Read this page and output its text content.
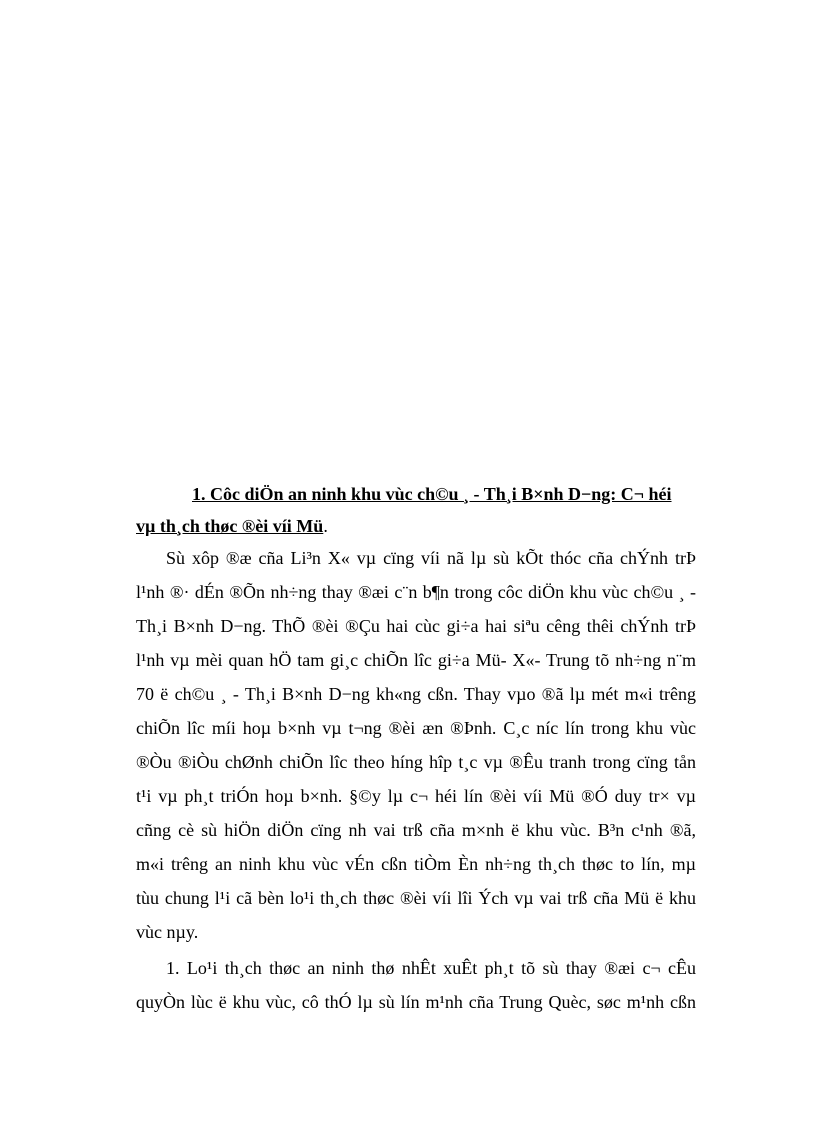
1. Côc diÖn an ninh khu vùc ch©u ¸ - Th¸i B×nh D−ng: C¬ héi
vµ th¸ch thøc ®èi víi Mü.
Sù xôp ®æ cña Li³n X« vµ cïng víi nã lµ sù kÕt thóc cña chÝnh trÞ
l¹nh ®· dÉn ®Õn nh÷ng thay ®æi c¨n b¶n trong côc diÖn khu vùc ch©u ¸ -
Th¸i B×nh D−ng. ThÕ ®èi ®Çu hai cùc gi÷a hai siªu cêng thêi chÝnh trÞ
l¹nh vµ mèi quan hÖ tam gi¸c chiÕn lîc gi÷a Mü- X«- Trung tõ nh÷ng n¨m
70 ë ch©u ¸ - Th¸i B×nh D−ng kh«ng cßn. Thay vµo ®ã lµ mét m«i trêng
chiÕn lîc míi hoµ b×nh vµ t¬ng ®èi æn ®Þnh. C¸c níc lín trong khu vùc
®Òu ®iÒu chØnh chiÕn lîc theo híng hîp t¸c vµ ®Êu tranh trong cïng tån
t¹i vµ ph¸t triÓn hoµ b×nh. §©y lµ c¬ héi lín ®èi víi Mü ®Ó duy tr× vµ
cñng cè sù hiÖn diÖn cïng nh vai trß cña m×nh ë khu vùc. B³n c¹nh ®ã,
m«i trêng an ninh khu vùc vÉn cßn tiÒm Èn nh÷ng th¸ch thøc to lín, mµ
tùu chung l¹i cã bèn lo¹i th¸ch thøc ®èi víi lîi Ých vµ vai trß cña Mü ë khu
vùc nµy.
1. Lo¹i th¸ch thøc an ninh thø nhÊt xuÊt ph¸t tõ sù thay ®æi c¬ cÊu
quyÒn lùc ë khu vùc, cô thÓ lµ sù lín m¹nh cña Trung Quèc, søc m¹nh cßn
